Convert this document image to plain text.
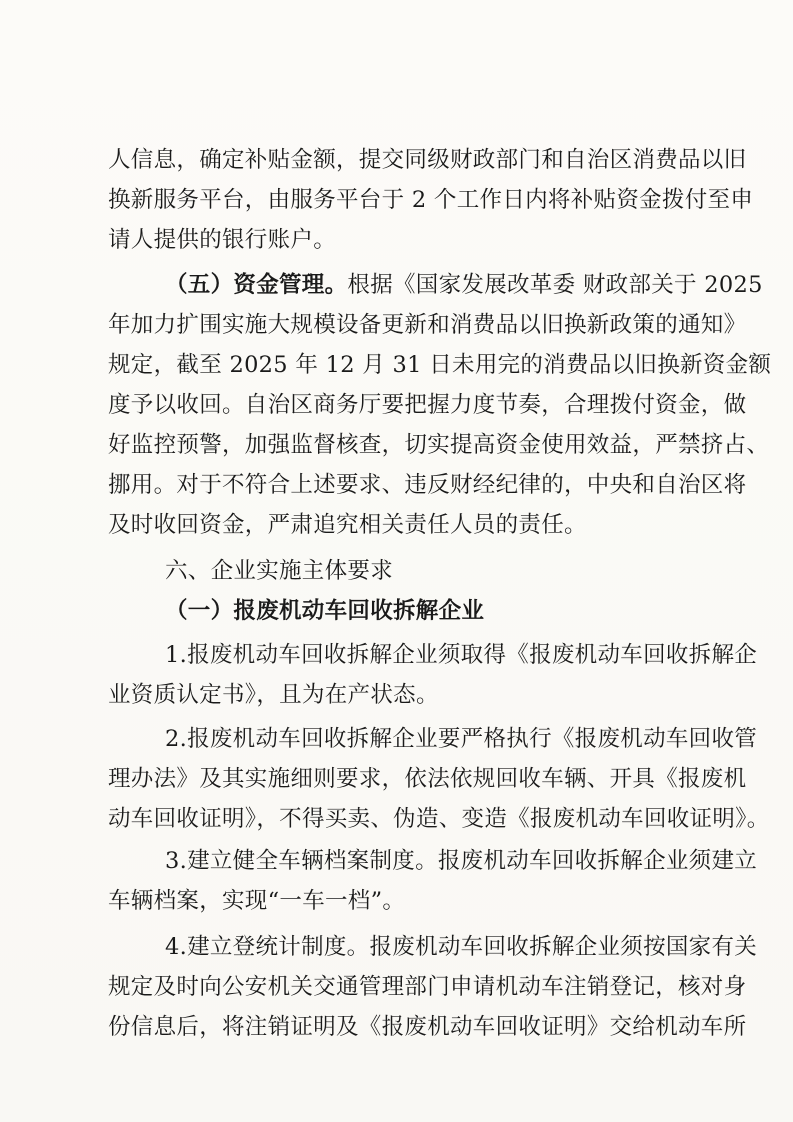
人信息，确定补贴金额，提交同级财政部门和自治区消费品以旧
换新服务平台，由服务平台于 2 个工作日内将补贴资金拨付至申
请人提供的银行账户。
（五）资金管理。根据《国家发展改革委 财政部关于 2025
年加力扩围实施大规模设备更新和消费品以旧换新政策的通知》
规定，截至 2025 年 12 月 31 日未用完的消费品以旧换新资金额
度予以收回。自治区商务厅要把握力度节奏，合理拨付资金，做
好监控预警，加强监督核查，切实提高资金使用效益，严禁挤占、
挪用。对于不符合上述要求、违反财经纪律的，中央和自治区将
及时收回资金，严肃追究相关责任人员的责任。
六、企业实施主体要求
（一）报废机动车回收拆解企业
1.报废机动车回收拆解企业须取得《报废机动车回收拆解企
业资质认定书》，且为在产状态。
2.报废机动车回收拆解企业要严格执行《报废机动车回收管
理办法》及其实施细则要求，依法依规回收车辆、开具《报废机
动车回收证明》，不得买卖、伪造、变造《报废机动车回收证明》。
3.建立健全车辆档案制度。报废机动车回收拆解企业须建立
车辆档案，实现“一车一档”。
4.建立登统计制度。报废机动车回收拆解企业须按国家有关
规定及时向公安机关交通管理部门申请机动车注销登记，核对身
份信息后，将注销证明及《报废机动车回收证明》交给机动车所
